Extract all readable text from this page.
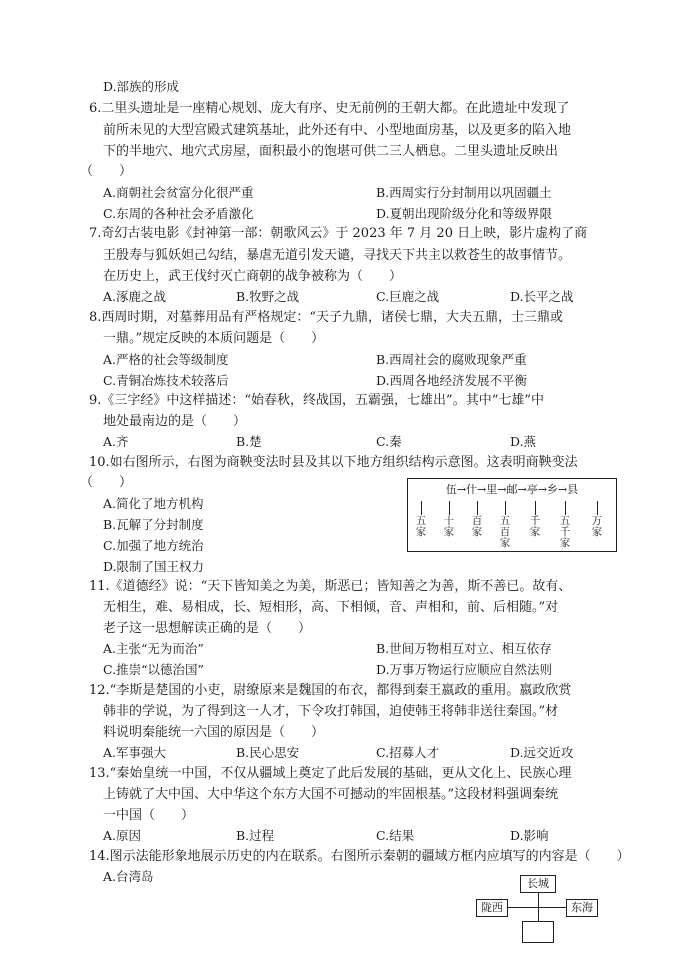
D.部族的形成
6.二里头遗址是一座精心规划、庞大有序、史无前例的王朝大都。在此遗址中发现了
前所未见的大型宫殿式建筑基址，此外还有中、小型地面房基，以及更多的陷入地
下的半地穴、地穴式房屋，面积最小的饱堪可供二三人栖息。二里头遗址反映出
（　　）
A.商朝社会贫富分化很严重	B.西周实行分封制用以巩固疆土
C.东周的各种社会矛盾激化	D.夏朝出现阶级分化和等级界限
7.奇幻古装电影《封神第一部：朝歌风云》于 2023 年 7 月 20 日上映，影片虚构了商
王殷寿与狐妖妲己勾结，暴虐无道引发天谴，寻找天下共主以救苍生的故事情节。
在历史上，武王伐纣灭亡商朝的战争被称为（　　）
A.涿鹿之战	B.牧野之战	C.巨鹿之战	D.长平之战
8.西周时期，对墓葬用品有严格规定：“天子九鼎，诸侯七鼎，大夫五鼎，士三鼎或
一鼎。”规定反映的本质问题是（　　）
A.严格的社会等级制度	B.西周社会的腐败现象严重
C.青铜冶炼技术较落后	D.西周各地经济发展不平衡
9.《三字经》中这样描述：“始春秋，终战国，五霸强，七雄出”。其中“七雄”中
地处最南边的是（　　）
A.齐	B.楚	C.秦	D.燕
10.如右图所示，右图为商鞅变法时县及其以下地方组织结构示意图。这表明商鞅变法
（　　）
A.简化了地方机构
B.瓦解了分封制度
C.加强了地方统治
D.限制了国王权力
伍→什→里→邮→亭→乡→县
五
家
十
家
百
家
五
百
家
千
家
五
千
家
万
家
11.《道德经》说：“天下皆知美之为美，斯恶已；皆知善之为善，斯不善已。故有、
无相生，难、易相成，长、短相形，高、下相倾，音、声相和，前、后相随。”对
老子这一思想解读正确的是（　　）
A.主张“无为而治”	B.世间万物相互对立、相互依存
C.推崇“以德治国”	D.万事万物运行应顺应自然法则
12.“李斯是楚国的小吏，尉缭原来是魏国的布衣，都得到秦王嬴政的重用。嬴政欣赏
韩非的学说，为了得到这一人才，下令攻打韩国，迫使韩王将韩非送往秦国。”材
料说明秦能统一六国的原因是（　　）
A.军事强大	B.民心思安	C.招募人才	D.远交近攻
13.“秦始皇统一中国，不仅从疆域上奠定了此后发展的基础，更从文化上、民族心理
上铸就了大中国、大中华这个东方大国不可撼动的牢固根基。”这段材料强调秦统
一中国（　　）
A.原因	B.过程	C.结果	D.影响
14.图示法能形象地展示历史的内在联系。右图所示秦朝的疆域方框内应填写的内容是（　　）
A.台湾岛	长城
陇西	东海
